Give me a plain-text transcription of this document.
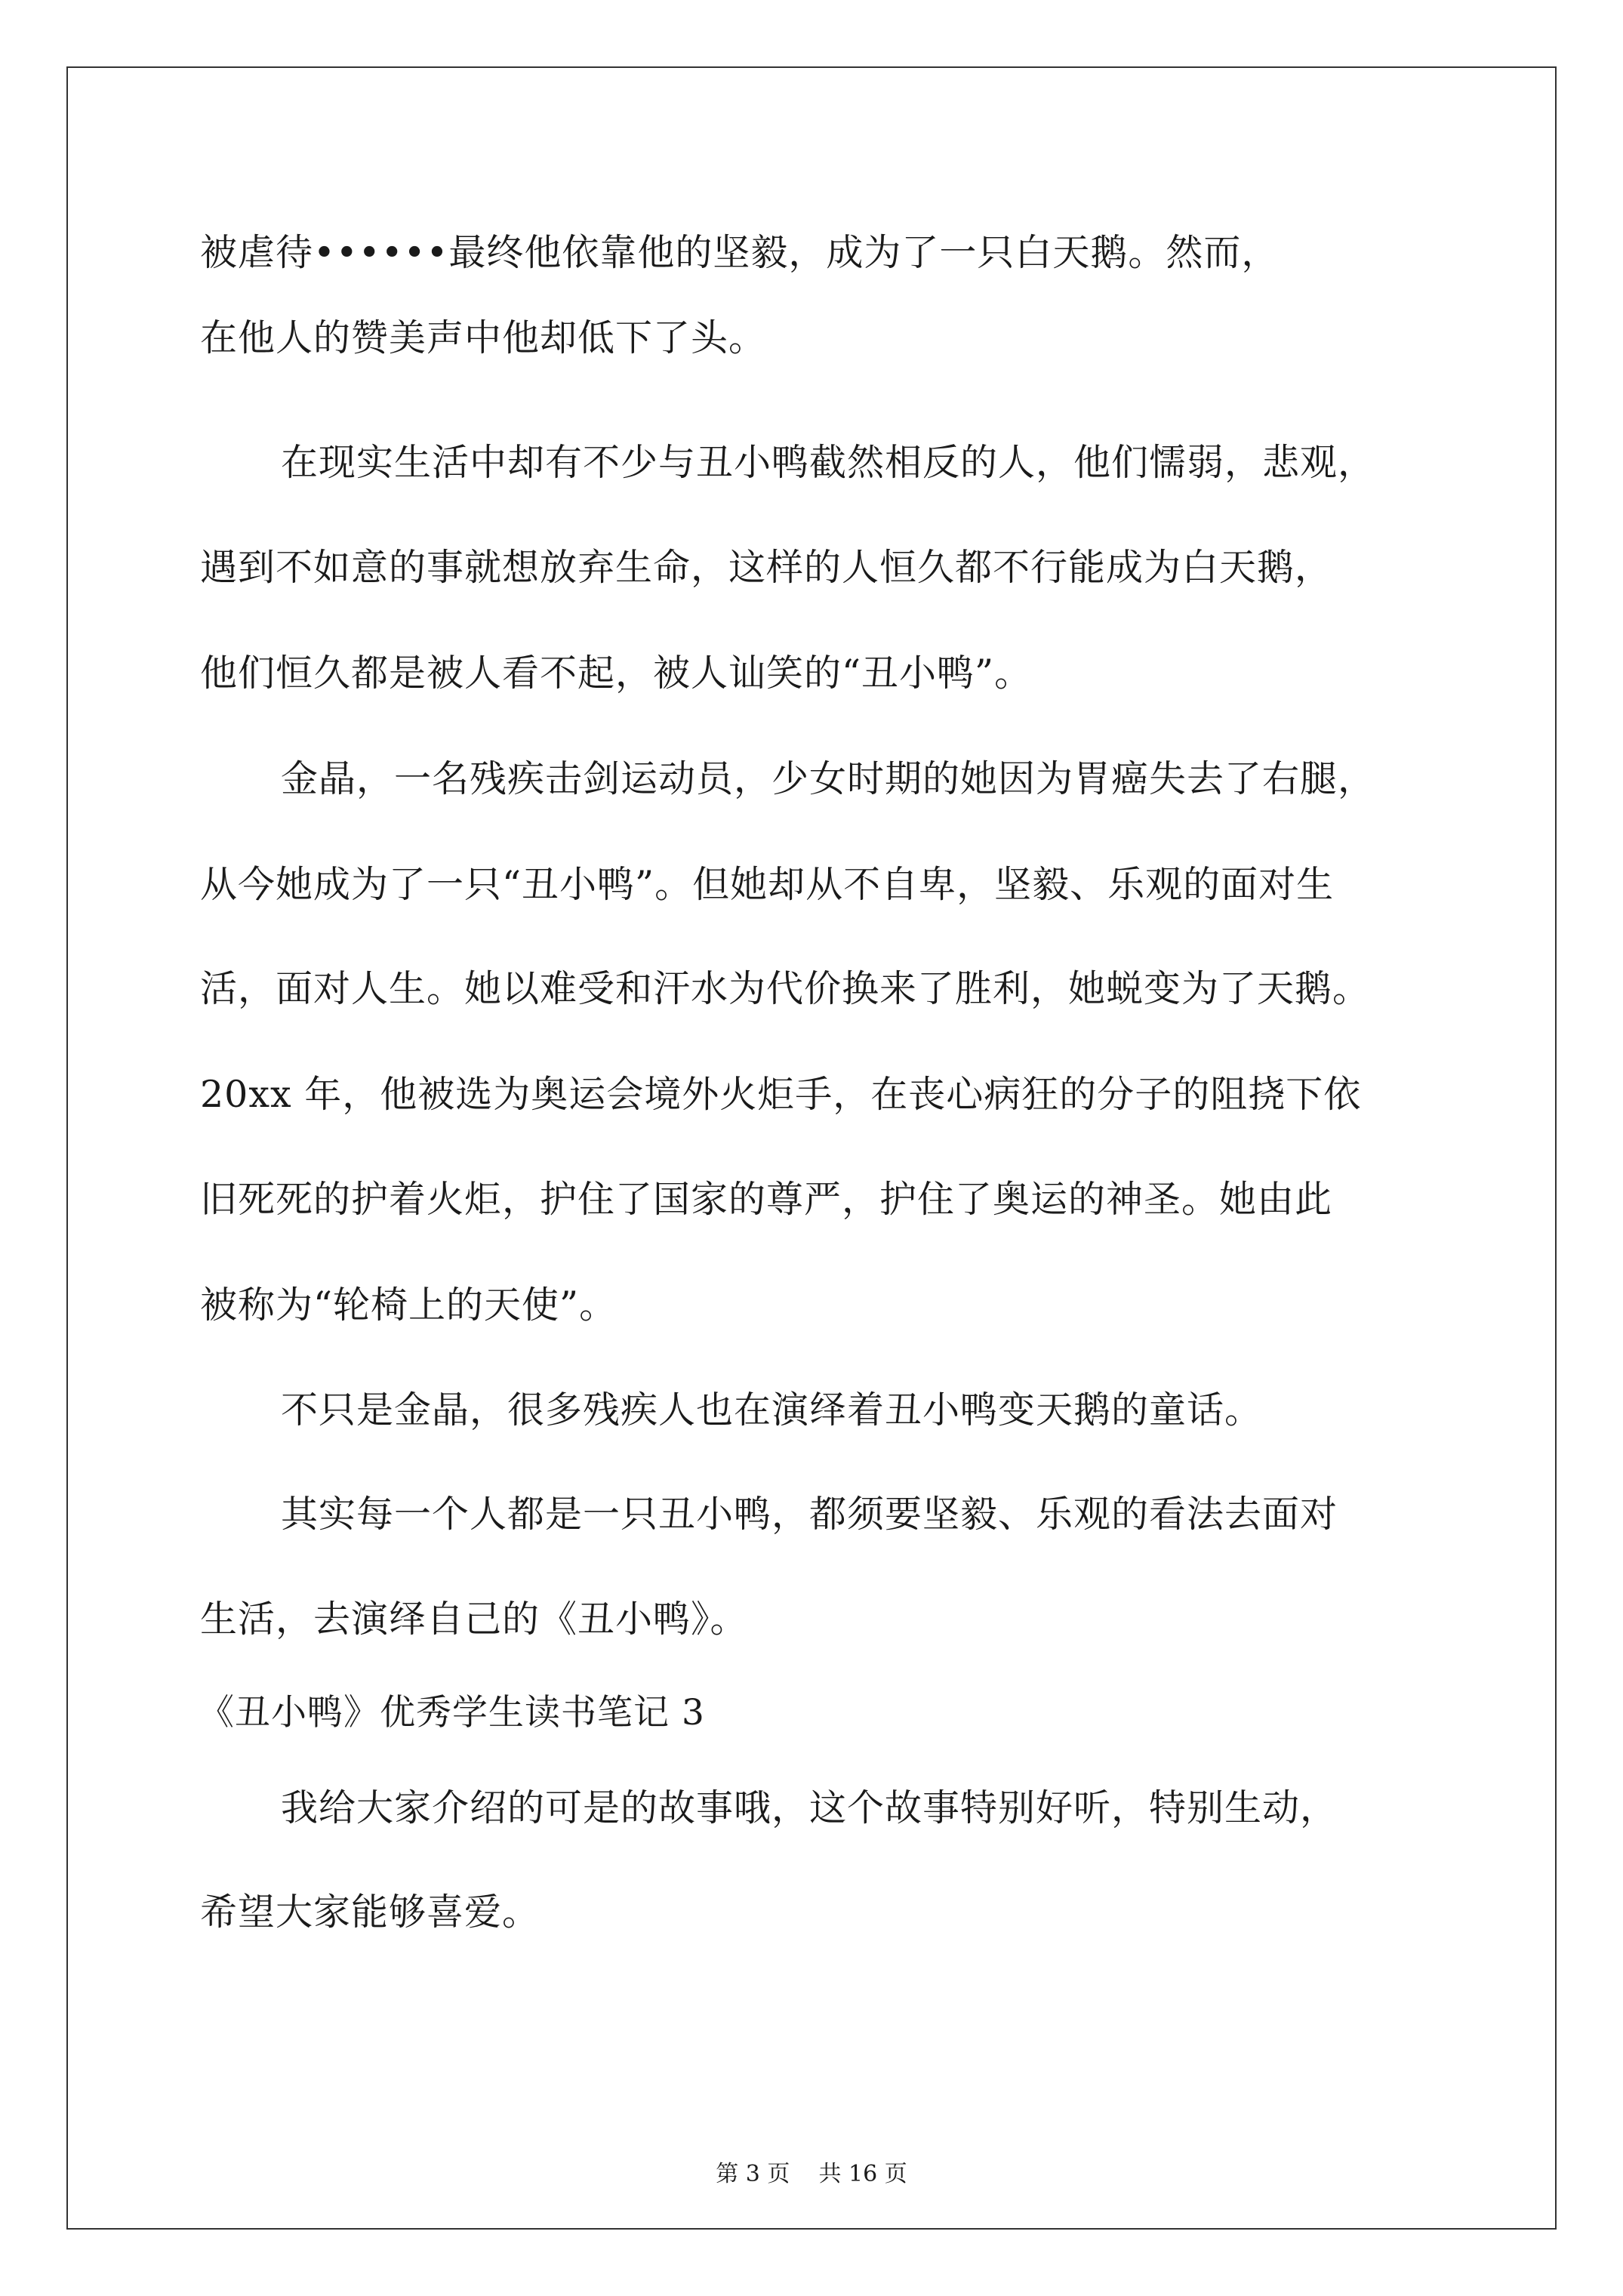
被虐待••••••最终他依靠他的坚毅，成为了一只白天鹅。然而，
在他人的赞美声中他却低下了头。
在现实生活中却有不少与丑小鸭截然相反的人，他们懦弱，悲观，
遇到不如意的事就想放弃生命，这样的人恒久都不行能成为白天鹅，
他们恒久都是被人看不起，被人讪笑的“丑小鸭”。
金晶，一名残疾击剑运动员，少女时期的她因为胃癌失去了右腿，
从今她成为了一只“丑小鸭”。但她却从不自卑，坚毅、乐观的面对生
活，面对人生。她以难受和汗水为代价换来了胜利，她蜕变为了天鹅。
20xx 年，他被选为奥运会境外火炬手，在丧心病狂的分子的阻挠下依
旧死死的护着火炬，护住了国家的尊严，护住了奥运的神圣。她由此
被称为“轮椅上的天使”。
不只是金晶，很多残疾人也在演绎着丑小鸭变天鹅的童话。
其实每一个人都是一只丑小鸭，都须要坚毅、乐观的看法去面对
生活，去演绎自己的《丑小鸭》。
《丑小鸭》优秀学生读书笔记 3
我给大家介绍的可是的故事哦，这个故事特别好听，特别生动，
希望大家能够喜爱。
第 3 页    共 16 页
